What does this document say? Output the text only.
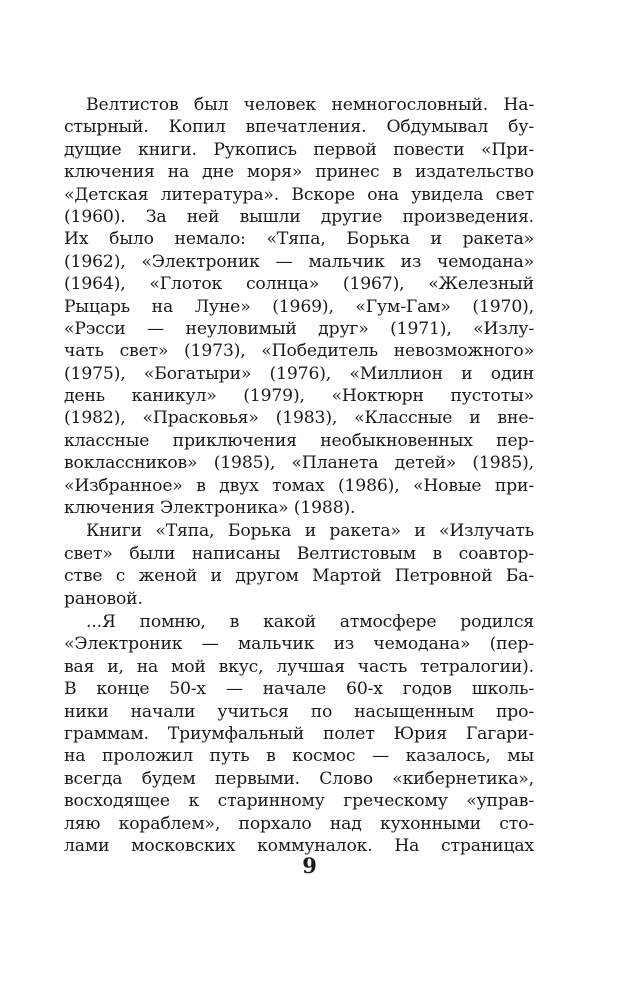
Велтистов был человек немногословный. На-
стырный. Копил впечатления. Обдумывал бу-
дущие книги. Рукопись первой повести «При-
ключения на дне моря» принес в издательство
«Детская литература». Вскоре она увидела свет
(1960). За ней вышли другие произведения.
Их было немало: «Тяпа, Борька и ракета»
(1962), «Электроник — мальчик из чемодана»
(1964), «Глоток солнца» (1967), «Железный
Рыцарь на Луне» (1969), «Гум-Гам» (1970),
«Рэсси — неуловимый друг» (1971), «Излу-
чать свет» (1973), «Победитель невозможного»
(1975), «Богатыри» (1976), «Миллион и один
день каникул» (1979), «Ноктюрн пустоты»
(1982), «Прасковья» (1983), «Классные и вне-
классные приключения необыкновенных пер-
воклассников» (1985), «Планета детей» (1985),
«Избранное» в двух томах (1986), «Новые при-
ключения Электроника» (1988).

Книги «Тяпа, Борька и ракета» и «Излучать
свет» были написаны Велтистовым в соавтор-
стве с женой и другом Мартой Петровной Ба-
рановой.

...Я помню, в какой атмосфере родился
«Электроник — мальчик из чемодана» (пер-
вая и, на мой вкус, лучшая часть тетралогии).
В конце 50-х — начале 60-х годов школь-
ники начали учиться по насыщенным про-
граммам. Триумфальный полет Юрия Гагари-
на проложил путь в космос — казалось, мы
всегда будем первыми. Слово «кибернетика»,
восходящее к старинному греческому «управ-
ляю кораблем», порхало над кухонными сто-
лами московских коммуналок. На страницах

9
